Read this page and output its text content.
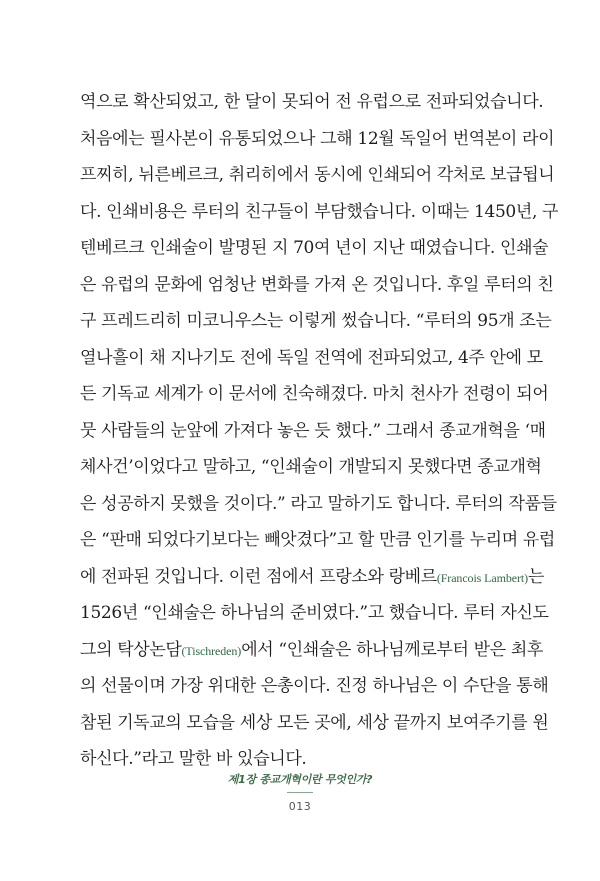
역으로 확산되었고, 한 달이 못되어 전 유럽으로 전파되었습니다.
처음에는 필사본이 유통되었으나 그해 12월 독일어 번역본이 라이
프찌히, 뉘른베르크, 취리히에서 동시에 인쇄되어 각처로 보급됩니
다. 인쇄비용은 루터의 친구들이 부담했습니다. 이때는 1450년, 구
텐베르크 인쇄술이 발명된 지 70여 년이 지난 때였습니다. 인쇄술
은 유럽의 문화에 엄청난 변화를 가져 온 것입니다. 후일 루터의 친
구 프레드리히 미코니우스는 이렇게 썼습니다. “루터의 95개 조는
열나흘이 채 지나기도 전에 독일 전역에 전파되었고, 4주 안에 모
든 기독교 세계가 이 문서에 친숙해졌다. 마치 천사가 전령이 되어
뭇 사람들의 눈앞에 가져다 놓은 듯 했다.” 그래서 종교개혁을 ‘매
체사건’이었다고 말하고, “인쇄술이 개발되지 못했다면 종교개혁
은 성공하지 못했을 것이다.” 라고 말하기도 합니다. 루터의 작품들
은 “판매 되었다기보다는 빼앗겼다”고 할 만큼 인기를 누리며 유럽
에 전파된 것입니다. 이런 점에서 프랑소와 랑베르(Francois Lambert)는
1526년 “인쇄술은 하나님의 준비였다.”고 했습니다. 루터 자신도
그의 탁상논담(Tischreden)에서 “인쇄술은 하나님께로부터 받은 최후
의 선물이며 가장 위대한 은총이다. 진정 하나님은 이 수단을 통해
참된 기독교의 모습을 세상 모든 곳에, 세상 끝까지 보여주기를 원
하신다.”라고 말한 바 있습니다.
제1장 종교개혁이란 무엇인가?
013
